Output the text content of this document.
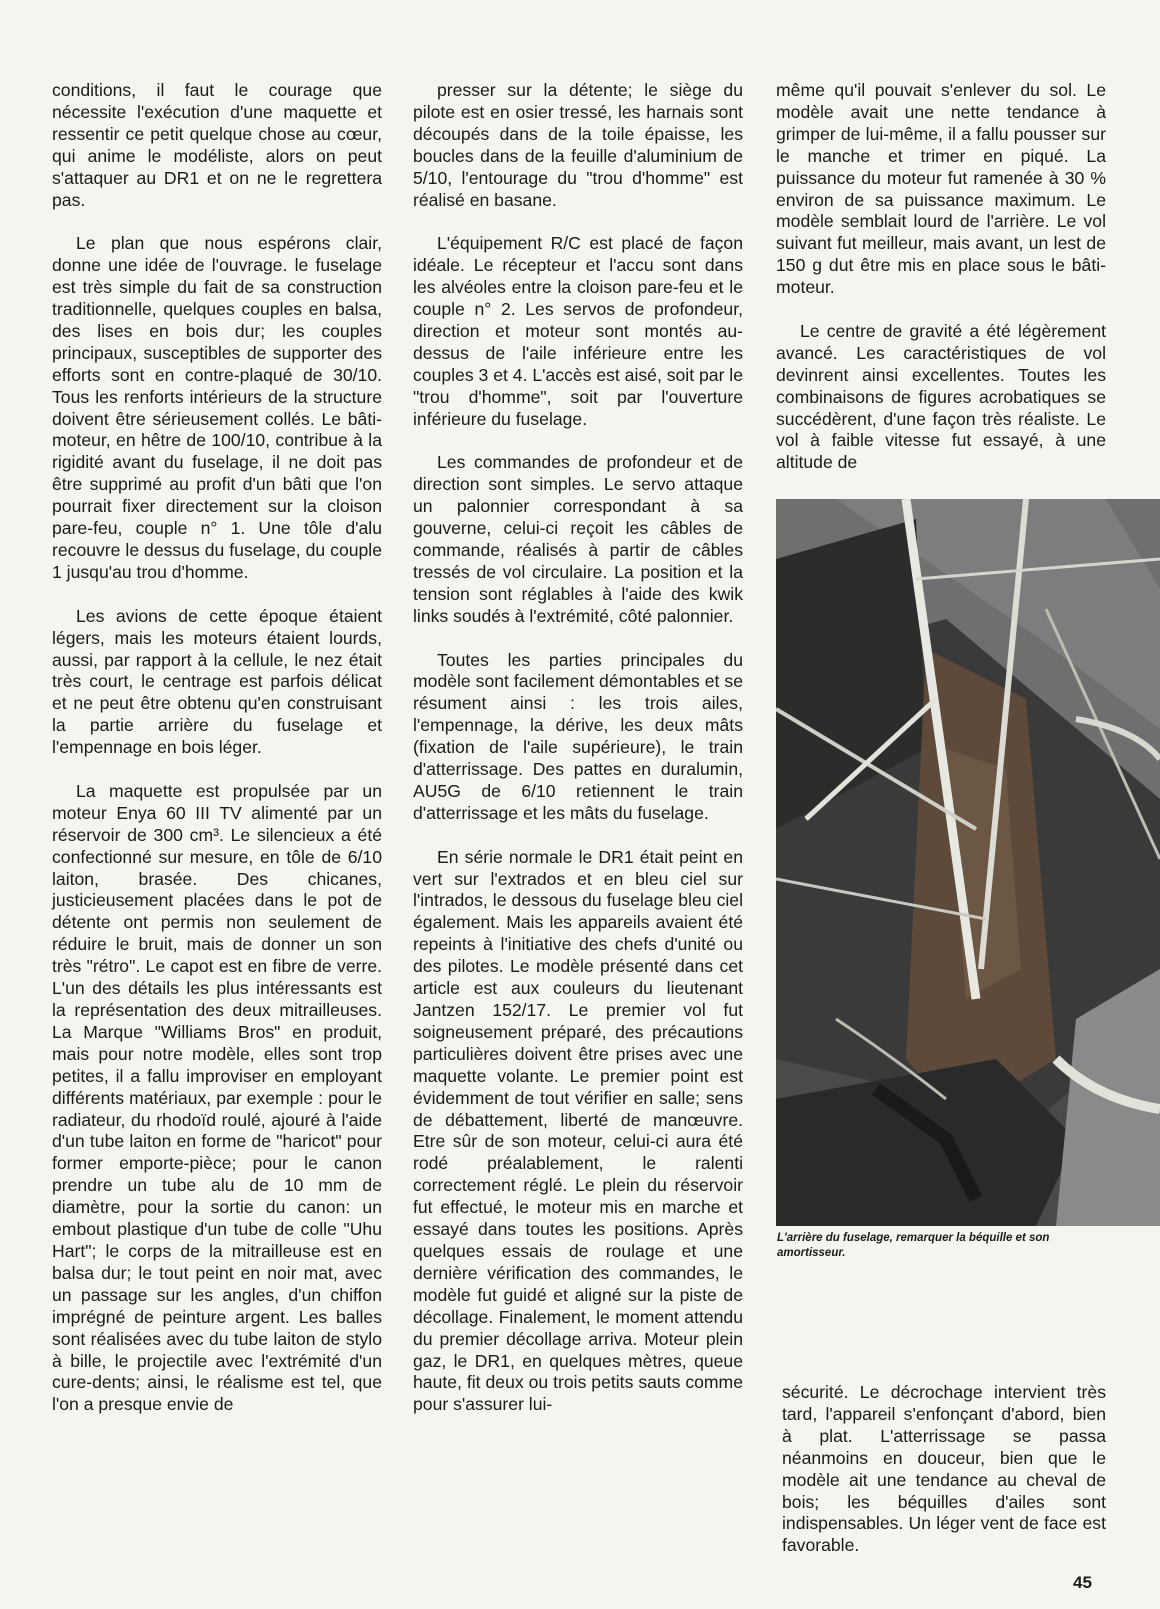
conditions, il faut le courage que nécessite l'exécution d'une maquette et ressentir ce petit quelque chose au cœur, qui anime le modéliste, alors on peut s'attaquer au DR1 et on ne le regrettera pas.

Le plan que nous espérons clair, donne une idée de l'ouvrage. le fuselage est très simple du fait de sa construction traditionnelle, quelques couples en balsa, des lises en bois dur; les couples principaux, susceptibles de supporter des efforts sont en contre-plaqué de 30/10. Tous les renforts intérieurs de la structure doivent être sérieusement collés. Le bâti-moteur, en hêtre de 100/10, contribue à la rigidité avant du fuselage, il ne doit pas être supprimé au profit d'un bâti que l'on pourrait fixer directement sur la cloison pare-feu, couple n° 1. Une tôle d'alu recouvre le dessus du fuselage, du couple 1 jusqu'au trou d'homme.

Les avions de cette époque étaient légers, mais les moteurs étaient lourds, aussi, par rapport à la cellule, le nez était très court, le centrage est parfois délicat et ne peut être obtenu qu'en construisant la partie arrière du fuselage et l'empennage en bois léger.

La maquette est propulsée par un moteur Enya 60 III TV alimenté par un réservoir de 300 cm³. Le silencieux a été confectionné sur mesure, en tôle de 6/10 laiton, brasée. Des chicanes, justicieusement placées dans le pot de détente ont permis non seulement de réduire le bruit, mais de donner un son très "rétro". Le capot est en fibre de verre. L'un des détails les plus intéressants est la représentation des deux mitrailleuses. La Marque "Williams Bros" en produit, mais pour notre modèle, elles sont trop petites, il a fallu improviser en employant différents matériaux, par exemple : pour le radiateur, du rhodoïd roulé, ajouré à l'aide d'un tube laiton en forme de "haricot" pour former emporte-pièce; pour le canon prendre un tube alu de 10 mm de diamètre, pour la sortie du canon: un embout plastique d'un tube de colle "Uhu Hart"; le corps de la mitrailleuse est en balsa dur; le tout peint en noir mat, avec un passage sur les angles, d'un chiffon imprégné de peinture argent. Les balles sont réalisées avec du tube laiton de stylo à bille, le projectile avec l'extrémité d'un cure-dents; ainsi, le réalisme est tel, que l'on a presque envie de

presser sur la détente; le siège du pilote est en osier tressé, les harnais sont découpés dans de la toile épaisse, les boucles dans de la feuille d'aluminium de 5/10, l'entourage du "trou d'homme" est réalisé en basane.

L'équipement R/C est placé de façon idéale. Le récepteur et l'accu sont dans les alvéoles entre la cloison pare-feu et le couple n° 2. Les servos de profondeur, direction et moteur sont montés au-dessus de l'aile inférieure entre les couples 3 et 4. L'accès est aisé, soit par le "trou d'homme", soit par l'ouverture inférieure du fuselage.

Les commandes de profondeur et de direction sont simples. Le servo attaque un palonnier correspondant à sa gouverne, celui-ci reçoit les câbles de commande, réalisés à partir de câbles tressés de vol circulaire. La position et la tension sont réglables à l'aide des kwik links soudés à l'extrémité, côté palonnier.

Toutes les parties principales du modèle sont facilement démontables et se résument ainsi : les trois ailes, l'empennage, la dérive, les deux mâts (fixation de l'aile supérieure), le train d'atterrissage. Des pattes en duralumin, AU5G de 6/10 retiennent le train d'atterrissage et les mâts du fuselage.

En série normale le DR1 était peint en vert sur l'extrados et en bleu ciel sur l'intrados, le dessous du fuselage bleu ciel également. Mais les appareils avaient été repeints à l'initiative des chefs d'unité ou des pilotes. Le modèle présenté dans cet article est aux couleurs du lieutenant Jantzen 152/17. Le premier vol fut soigneusement préparé, des précautions particulières doivent être prises avec une maquette volante. Le premier point est évidemment de tout vérifier en salle; sens de débattement, liberté de manœuvre. Etre sûr de son moteur, celui-ci aura été rodé préalablement, le ralenti correctement réglé. Le plein du réservoir fut effectué, le moteur mis en marche et essayé dans toutes les positions. Après quelques essais de roulage et une dernière vérification des commandes, le modèle fut guidé et aligné sur la piste de décollage. Finalement, le moment attendu du premier décollage arriva. Moteur plein gaz, le DR1, en quelques mètres, queue haute, fit deux ou trois petits sauts comme pour s'assurer lui-

même qu'il pouvait s'enlever du sol. Le modèle avait une nette tendance à grimper de lui-même, il a fallu pousser sur le manche et trimer en piqué. La puissance du moteur fut ramenée à 30 % environ de sa puissance maximum. Le modèle semblait lourd de l'arrière. Le vol suivant fut meilleur, mais avant, un lest de 150 g dut être mis en place sous le bâti-moteur.

Le centre de gravité a été légèrement avancé. Les caractéristiques de vol devinrent ainsi excellentes. Toutes les combinaisons de figures acrobatiques se succédèrent, d'une façon très réaliste. Le vol à faible vitesse fut essayé, à une altitude de

L'arrière du fuselage, remarquer la béquille et son amortisseur.

sécurité. Le décrochage intervient très tard, l'appareil s'enfonçant d'abord, bien à plat. L'atterrissage se passa néanmoins en douceur, bien que le modèle ait une tendance au cheval de bois; les béquilles d'ailes sont indispensables. Un léger vent de face est favorable.

45
